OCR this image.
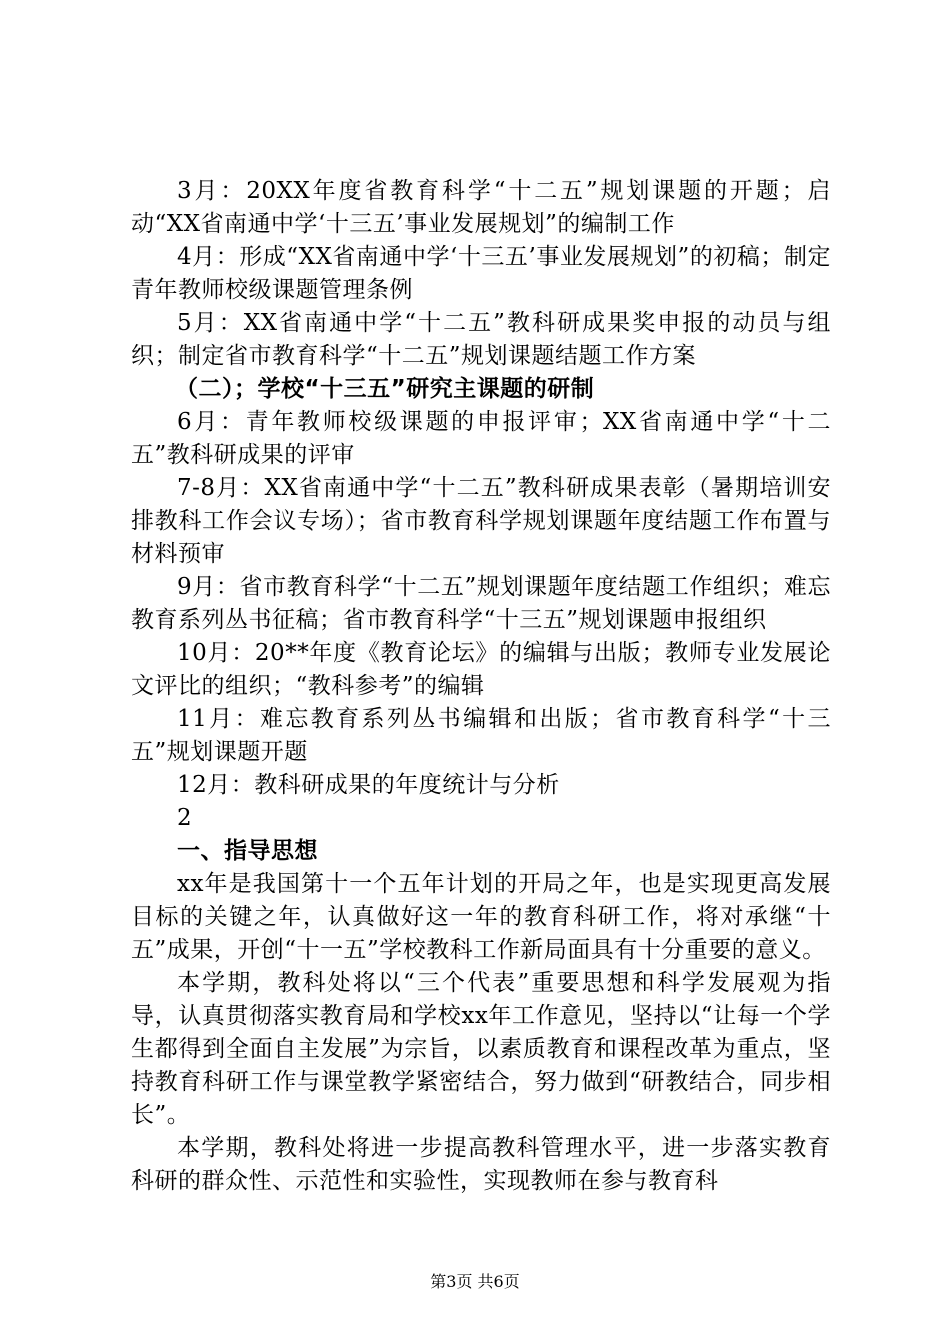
3月：20XX年度省教育科学“十二五”规划课题的开题；启动“XX省南通中学‘十三五’事业发展规划”的编制工作

4月：形成“XX省南通中学‘十三五’事业发展规划”的初稿；制定青年教师校级课题管理条例

5月：XX省南通中学“十二五”教科研成果奖申报的动员与组织；制定省市教育科学“十二五”规划课题结题工作方案

（二）；学校“十三五”研究主课题的研制

6月：青年教师校级课题的申报评审；XX省南通中学“十二五”教科研成果的评审

7-8月：XX省南通中学“十二五”教科研成果表彰（暑期培训安排教科工作会议专场）；省市教育科学规划课题年度结题工作布置与材料预审

9月：省市教育科学“十二五”规划课题年度结题工作组织；难忘教育系列丛书征稿；省市教育科学“十三五”规划课题申报组织

10月：20**年度《教育论坛》的编辑与出版；教师专业发展论文评比的组织；“教科参考”的编辑

11月：难忘教育系列丛书编辑和出版；省市教育科学“十三五”规划课题开题

12月：教科研成果的年度统计与分析

2

一、指导思想

xx年是我国第十一个五年计划的开局之年，也是实现更高发展目标的关键之年，认真做好这一年的教育科研工作，将对承继“十五”成果，开创“十一五”学校教科工作新局面具有十分重要的意义。

本学期，教科处将以“三个代表”重要思想和科学发展观为指导，认真贯彻落实教育局和学校xx年工作意见，坚持以“让每一个学生都得到全面自主发展”为宗旨，以素质教育和课程改革为重点，坚持教育科研工作与课堂教学紧密结合，努力做到“研教结合，同步相长”。

本学期，教科处将进一步提高教科管理水平，进一步落实教育科研的群众性、示范性和实验性，实现教师在参与教育科

第3页 共6页
